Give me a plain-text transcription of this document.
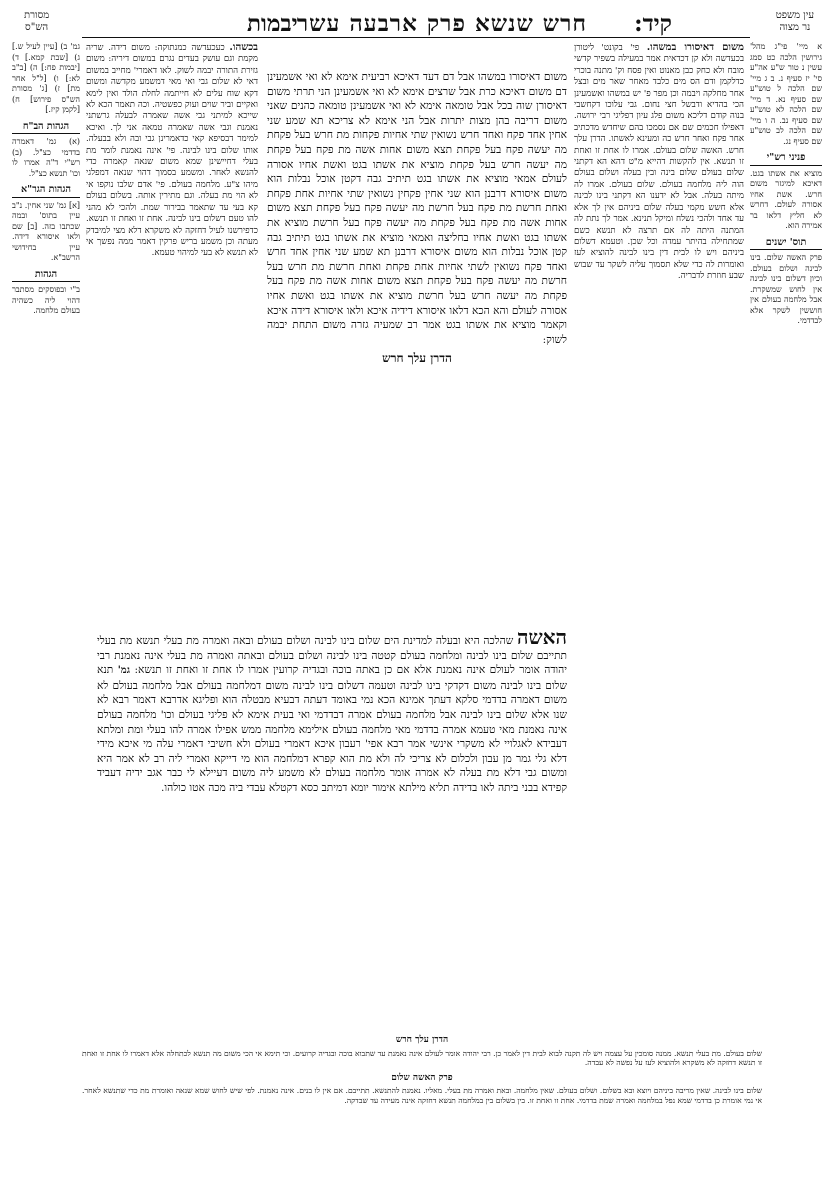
עין משפט
נר מצוה
קיד:
חרש שנשא פרק ארבעה עשר
יבמות
מסורת
הש"ס
א מיי' פי"ג מהל' גירושין הלכה כט סמג עשין נ טור ש"ע אה"ע סי' יז סעיף נ. ב ג מיי' שם הלכה ל טוש"ע שם סעיף נא. ד מיי' שם הלכה לא טוש"ע שם סעיף נב. ה ו מיי' שם הלכה לב טוש"ע שם סעיף נג.
פניני רש"י
מוציא את אשתו בגט. דאיכא למיגזר משום חרש. אשת אחיו אסורה לעולם. דחרש לא חליץ דלאו בר אמירה הוא.
תוס' ישנים
פרק האשה שלום. בינו לבינה ושלום בעולם. וכיון דשלום בינו לבינה אין לחוש שמשקרת. אבל מלחמה בעולם אין חוששין לשקר אלא לבדדמי.
גמ' ב) [עיין לעיל ש.] ג) [שבת קמא.] ד) [יבמות פח:] ה) [ב"ב לא:] ו) [ל"ל אחר מת] ז) [ג' מסורת הש"ס פירוש] ח) [לקמן קיז.]
הגהות הב"ח
(א) גמ' דאמרה בדדמי כצ"ל. (ב) רש"י ד"ה אמרו לו וכו' תנשא כצ"ל.
הגהות הגר"א
[א] גמ' שני אחין. נ"ב עיין בתוס' ובמה שכתבו בזה. [ב] שם ולאו איסורא דידה. עיין בחידושי הרשב"א.
הגהות
ב"י ובפוסקים מסתבר דהוי ליה כשהיה בעולם מלחמה.
משום דאיסורו במשהו. פי' בקונט' ליטורן בכעדשה ולא קן דכדאית אמר במעילה בשפיר קדשי מובח ולא כחק כבן מאנוט ואין פסח וק' מתנה בוכרי כדלקמן ודם הס מים כלבד מאחר שאר מים ובצל אחר מחלקה ויבמה וכן מפר פ' יש במשהו ואשמעינן הכי בהדיא ודבשל חצי נחום. גבי עלוכו דקחשבי בנוה קודם דליכא משום פלג עיון דפליגי רבי ירושה. דאפילו חכמים שם אם נסמכו בהם שיחדש מדכתיב אחר פקח ואחר חרש כה ומעינא לאשתו. הדרן עלך חרש. האשה שלום בעולם. אמרו לו אחת זו ואחת זו תנשא. אין להקשות דהייא מ"ט דהא הא דקתני שלום בעולם שלום בינה ובין בעלה ושלום בעולם הוה ליה מלחמה בעולם. שלום בעולם. אמרו לה מיתה בעלה. אבל לא ידענו הא דקתני בינו לבינה אלא חשש מקמי בעלה שלום ביניהם אין לך אלא עד אחד ולהכי נשלח ומיקל תנינא. אמר לך נתת לה המתנה היתה לה אם תרצה לא תנשא כשם שמתחילה בהיתר עמדה וכל שכן. וטעמא דשלום ביניהם ויש לו לבית דין בינו לבינה להוציא לעז ואומרות לה כדי שלא תסמוך עליה לשקר עד שבוש שבע חוזרת לדבריה.
בכשהו. כעכעדשה כמנתוקה: משום דידה. שריה מקמת וגם עושק בעדים נגרם במשום דיריה: משום גזירת התורה יבמה לשוק. לאו דאמרי' מחייב במשום דאי לא שלום גבי ואי מאי דמשמע מקדשה ומשום דקא שוח עלים לא חייתמה לחלת הולד ואין לימא ואקיים וביר שוים ועוק כפשטיה. וכה תאמר הכא לא שייכא למיתני גבי אשה שאמרה לבעלה גרשתני נאמנת וגבי אשה שאמרה טמאה אני לך. ואיכא למימר דבסיפא קאי כדאמרינן גבי ובה ולא בבעלה. אותו שלום בינו לבינה. פי' אינה נאמנת לומר מת בעלי דחיישינן שמא משום שנאה קאמרה כדי להנשא לאחר. ומשמע בסמוך דהוי שנאה דמפלגי מיהו צ"ע. מלחמה בעולם. פי' אדם שלבו נוקפו אי לא הוי מת בעלה. וגם מתירין אותה. בשלום בעולם קא בעי עד שתאמר בבירור שמת. ולהכי לא מהני להו טעם דשלום בינו לבינה. אחת זו ואחת זו תנשא. כדפירשנו לעיל דחזקה לא משקרא דלא מצי למיבדק מעתה וכן משמע בריש פרקין דאמר ממה נפשך אי לא תנשא לא בעי למיהוי טעמא.
משום דאיסורו במשהו אבל דם דעד דאיכא רביעית אימא לא ואי אשמעינן דם משום דאיכא כרת אבל שרצים אימא לא ואי אשמעינן הני תרתי משום דאיסורן שוה בכל אבל טומאה אימא לא ואי אשמעינן טומאה כהנים שאני משום דריבה בהן מצות יתרות אבל הני אימא לא צריכא תא שמע שני אחין אחד פקח ואחד חרש נשואין שתי אחיות פקחות מת חרש בעל פקחת מה יעשה פקח בעל פקחת תצא משום אחות אשה מת פקח בעל פקחת מה יעשה חרש בעל פקחת מוציא את אשתו בגט ואשת אחיו אסורה לעולם אמאי מוציא את אשתו בגט תיתיב גבה דקטן אוכל נבלות הוא משום איסורא דרבנן הוא שני אחין פקחין נשואין שתי אחיות אחת פקחת ואחת חרשת מת פקח בעל חרשת מה יעשה פקח בעל פקחת תצא משום אחות אשה מת פקח בעל פקחת מה יעשה פקח בעל חרשת מוציא את אשתו בגט ואשת אחיו בחליצה ואמאי מוציא את אשתו בגט תיתיב גבה קטן אוכל נבלות הוא משום איסורא דרבנן תא שמע שני אחין אחד חרש ואחד פקח נשואין לשתי אחיות אחת פקחת ואחת חרשת מת חרש בעל חרשת מה יעשה פקח בעל פקחת תצא משום אחות אשה מת פקח בעל פקחת מה יעשה חרש בעל חרשת מוציא את אשתו בגט ואשת אחיו אסורה לעולם והא הכא דלאו איסורא דידיה איכא ולאו איסורא דידה איכא וקאמר מוציא את אשתו בגט אמר רב שמעיה גזרה משום התחת יבמה לשוק:
הדרן עלך חרש
האשה שהלכה היא ובעלה למדינת הים שלום בינו לבינה ושלום בעולם ובאה ואמרה מת בעלי תנשא מת בעלי תתייבם שלום בינו לבינה ומלחמה בעולם קטטה בינו לבינה ושלום בעולם ובאתה ואמרה מת בעלי אינה נאמנת רבי יהודה אומר לעולם אינה נאמנת אלא אם כן באתה בוכה ובגדיה קרועין אמרו לו אחת זו ואחת זו תנשא: גמ' תנא שלום בינו לבינה משום דקדקי בינו לבינה וטעמה דשלום בינו לבינה משום דמלחמה בעולם אבל מלחמה בעולם לא משום דאמרה בדדמי סלקא דעתך אמינא הכא נמי באומד דעתה דבעיא מבטלה הוא ופליגא אדרבא דאמר רבא לא שנו אלא שלום בינו לבינה אבל מלחמה בעולם אמרה דבדדמי ואי בעית אימא לא פליגי בעולם וכו' מלחמה בעולם אינה נאמנת מאי טעמא אמרה בדדמי מאי מלחמה בעולם אילימא מלחמה ממש אפילו אמרה להו בעלי ומת ומלתא דעבידא לאגלויי לא משקרי אינשי אמר רבא אפי' רעבון איכא דאמרי בעולם ולא חשיבי דאמרי עלה מי איכא מידי דלא גלי גמר מן עבון ולכלום לא צריכי לה ולא מת הוא קפרא דמלחמה הוא מי דייקא ואמרי ליה רב לא אמר היא ומשום גבי דלא מת בעלה לא אמרה אומר מלחמה בעולם לא משמע ליה משום דעיילא לי כבר אגב ידיה דעביד קפידא בבני ביתה לאו בדידה תליא מילתא אימור יומא דמיתב כסא דקטלא עבדי ביה מכה אטו כולהו.
הדרן עלך חרש
שלום בעולם. מת בעלי תנשא. ממנה סומכין על עצמה ויש לה תקנה לבוא לבית דין לאמר כן. רבי יהודה אומר לעולם אינה נאמנת עד שתבוא בוכה ובגדיה קרועים. וכי תימא אי הכי משום מה תנשא לכתחלה אלא דאמרו לו אחת זו ואחת זו תנשא דחזקה לא משקרא ולהוציא לעז על נפשה לא עבדה.
פרק האשה שלום
שלום בינו לבינה. שאין מריבה ביניהם ויוצא ובא בשלום. ושלום בעולם. שאין מלחמה. ובאת ואמרה מת בעלי. מאליו. נאמנת להתנשא. תתייבם. אם אין לו בנים. אינה נאמנת. לפי שיש לחוש שמא שנאה ואומרת מת כדי שתנשא לאחר. אי נמי אומרת כן בדדמי שמא נפל במלחמה ואמרה שמת בדדמי. אחת זו ואחת זו. בין בשלום בין במלחמה תנשא דחזקה אינה מעידה עד שבדקה.
